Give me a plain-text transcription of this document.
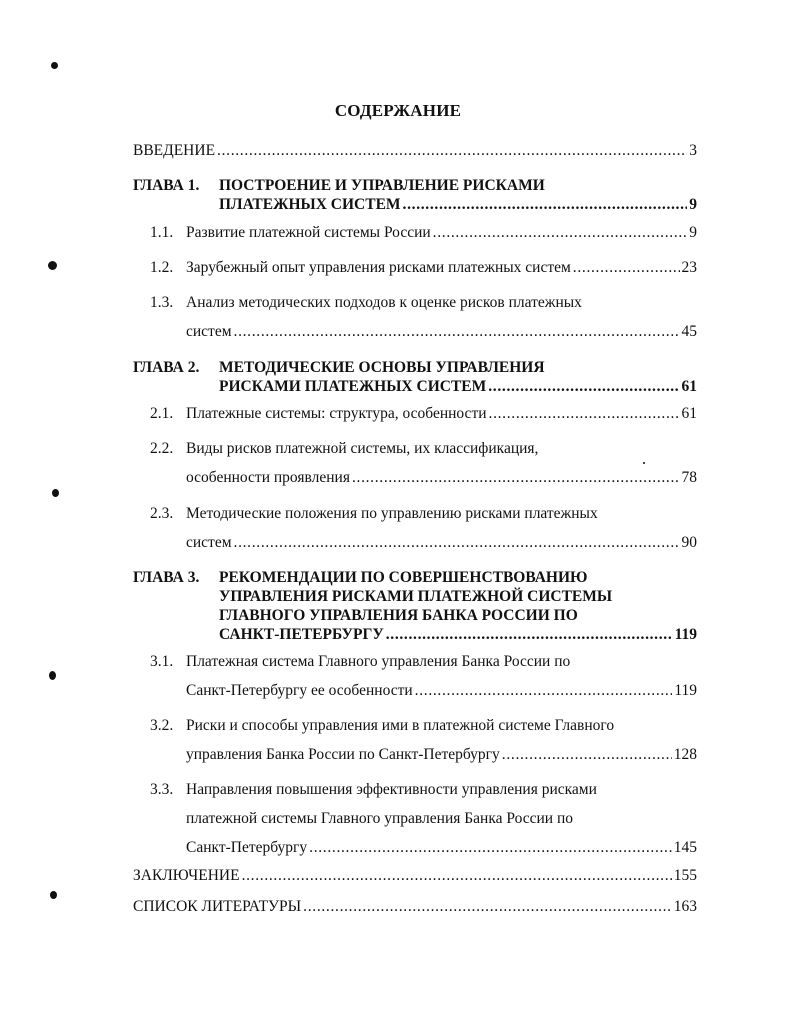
СОДЕРЖАНИЕ
ВВЕДЕНИЕ . . .	3
ГЛАВА 1. ПОСТРОЕНИЕ И УПРАВЛЕНИЕ РИСКАМИ
ПЛАТЕЖНЫХ СИСТЕМ . . .	9
1.1. Развитие платежной системы России . . .	9
1.2. Зарубежный опыт управления рисками платежных систем . . .	23
1.3. Анализ методических подходов к оценке рисков платежных
систем . . .	45
ГЛАВА 2. МЕТОДИЧЕСКИЕ ОСНОВЫ УПРАВЛЕНИЯ
РИСКАМИ ПЛАТЕЖНЫХ СИСТЕМ . . .	61
2.1. Платежные системы: структура, особенности . . .	61
2.2. Виды рисков платежной системы, их классификация,
особенности проявления . . .	78
2.3. Методические положения по управлению рисками платежных
систем . . .	90
ГЛАВА 3. РЕКОМЕНДАЦИИ ПО СОВЕРШЕНСТВОВАНИЮ
УПРАВЛЕНИЯ РИСКАМИ ПЛАТЕЖНОЙ СИСТЕМЫ
ГЛАВНОГО УПРАВЛЕНИЯ БАНКА РОССИИ ПО
САНКТ-ПЕТЕРБУРГУ . . .	119
3.1. Платежная система Главного управления Банка России по
Санкт-Петербургу ее особенности . . .	119
3.2. Риски и способы управления ими в платежной системе Главного
управления Банка России по Санкт-Петербургу . . .	128
3.3. Направления повышения эффективности управления рисками
платежной системы Главного управления Банка России по
Санкт-Петербургу . . .	145
ЗАКЛЮЧЕНИЕ . . .	155
СПИСОК ЛИТЕРАТУРЫ . . .	163
